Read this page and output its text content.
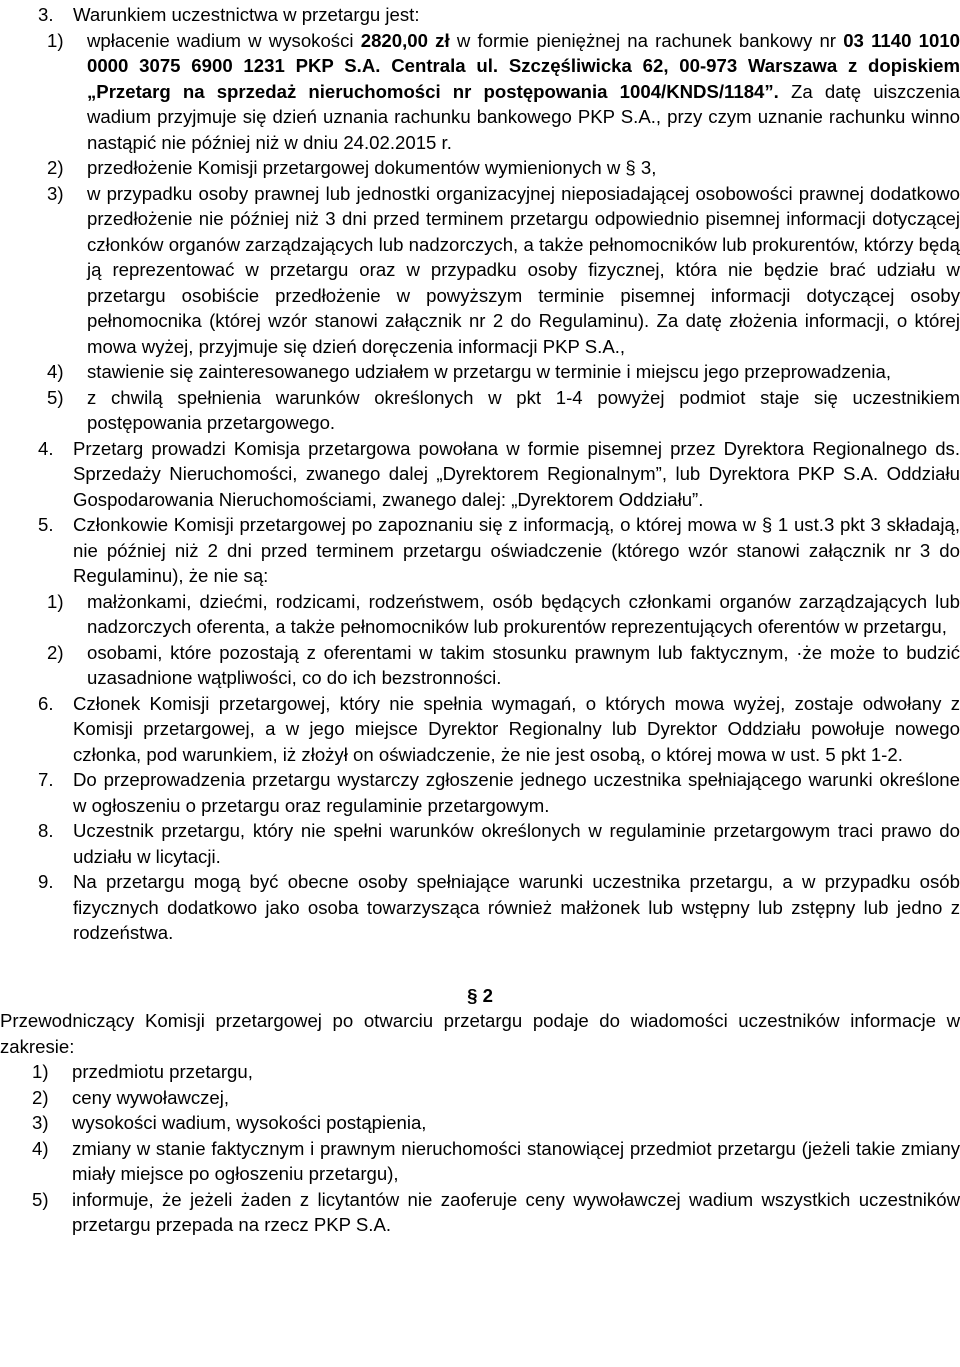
3. Warunkiem uczestnictwa w przetargu jest:
1) wpłacenie wadium w wysokości 2820,00 zł w formie pieniężnej na rachunek bankowy nr 03 1140 1010 0000 3075 6900 1231 PKP S.A. Centrala ul. Szczęśliwicka 62, 00-973 Warszawa z dopiskiem „Przetarg na sprzedaż nieruchomości nr postępowania 1004/KNDS/1184”. Za datę uiszczenia wadium przyjmuje się dzień uznania rachunku bankowego PKP S.A., przy czym uznanie rachunku winno nastąpić nie później niż w dniu 24.02.2015 r.
2) przedłożenie Komisji przetargowej dokumentów wymienionych w § 3,
3) w przypadku osoby prawnej lub jednostki organizacyjnej nieposiadającej osobowości prawnej dodatkowo przedłożenie nie później niż 3 dni przed terminem przetargu odpowiednio pisemnej informacji dotyczącej członków organów zarządzających lub nadzorczych, a także pełnomocników lub prokurentów, którzy będą ją reprezentować w przetargu oraz w przypadku osoby fizycznej, która nie będzie brać udziału w przetargu osobiście przedłożenie w powyższym terminie pisemnej informacji dotyczącej osoby pełnomocnika (której wzór stanowi załącznik nr 2 do Regulaminu). Za datę złożenia informacji, o której mowa wyżej, przyjmuje się dzień doręczenia informacji PKP S.A.,
4) stawienie się zainteresowanego udziałem w przetargu w terminie i miejscu jego przeprowadzenia,
5) z chwilą spełnienia warunków określonych w pkt 1-4 powyżej podmiot staje się uczestnikiem postępowania przetargowego.
4. Przetarg prowadzi Komisja przetargowa powołana w formie pisemnej przez Dyrektora Regionalnego ds. Sprzedaży Nieruchomości, zwanego dalej „Dyrektorem Regionalnym”, lub Dyrektora PKP S.A. Oddziału Gospodarowania Nieruchomościami, zwanego dalej: „Dyrektorem Oddziału”.
5. Członkowie Komisji przetargowej po zapoznaniu się z informacją, o której mowa w § 1 ust.3 pkt 3 składają, nie później niż 2 dni przed terminem przetargu oświadczenie (którego wzór stanowi załącznik nr 3 do Regulaminu), że nie są:
1) małżonkami, dziećmi, rodzicami, rodzeństwem, osób będących członkami organów zarządzających lub nadzorczych oferenta, a także pełnomocników lub prokurentów reprezentujących oferentów w przetargu,
2) osobami, które pozostają z oferentami w takim stosunku prawnym lub faktycznym, ·że może to budzić uzasadnione wątpliwości, co do ich bezstronności.
6. Członek Komisji przetargowej, który nie spełnia wymagań, o których mowa wyżej, zostaje odwołany z Komisji przetargowej, a w jego miejsce Dyrektor Regionalny lub Dyrektor Oddziału powołuje nowego członka, pod warunkiem, iż złożył on oświadczenie, że nie jest osobą, o której mowa w ust. 5 pkt 1-2.
7. Do przeprowadzenia przetargu wystarczy zgłoszenie jednego uczestnika spełniającego warunki określone w ogłoszeniu o przetargu oraz regulaminie przetargowym.
8. Uczestnik przetargu, który nie spełni warunków określonych w regulaminie przetargowym traci prawo do udziału w licytacji.
9. Na przetargu mogą być obecne osoby spełniające warunki uczestnika przetargu, a w przypadku osób fizycznych dodatkowo jako osoba towarzysząca również małżonek lub wstępny lub zstępny lub jedno z rodzeństwa.
§ 2
Przewodniczący Komisji przetargowej po otwarciu przetargu podaje do wiadomości uczestników informacje w zakresie:
1) przedmiotu przetargu,
2) ceny wywoławczej,
3) wysokości wadium, wysokości postąpienia,
4) zmiany w stanie faktycznym i prawnym nieruchomości stanowiącej przedmiot przetargu (jeżeli takie zmiany miały miejsce po ogłoszeniu przetargu),
5) informuje, że jeżeli żaden z licytantów nie zaoferuje ceny wywoławczej wadium wszystkich uczestników przetargu przepada na rzecz PKP S.A.
